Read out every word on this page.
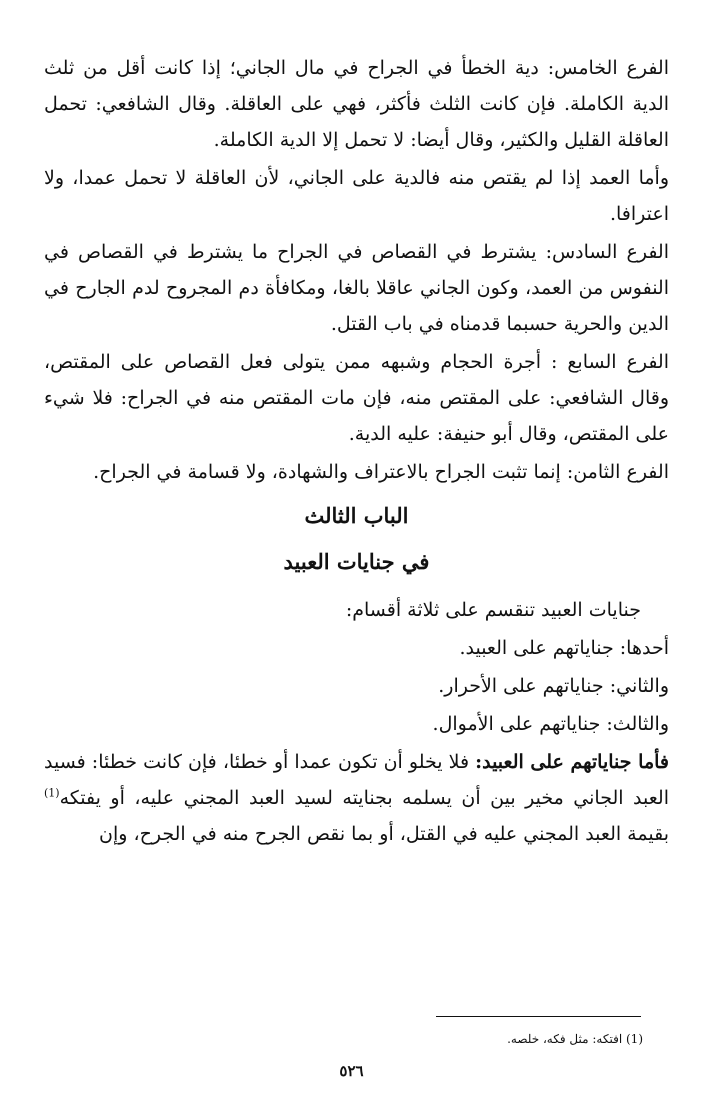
الفرع الخامس: دية الخطأ في الجراح في مال الجاني؛ إذا كانت أقل من ثلث الدية الكاملة. فإن كانت الثلث فأكثر، فهي على العاقلة. وقال الشافعي: تحمل العاقلة القليل والكثير، وقال أيضا: لا تحمل إلا الدية الكاملة.

وأما العمد إذا لم يقتص منه فالدية على الجاني، لأن العاقلة لا تحمل عمدا، ولا اعترافا.

الفرع السادس: يشترط في القصاص في الجراح ما يشترط في القصاص في النفوس من العمد، وكون الجاني عاقلا بالغا، ومكافأة دم المجروح لدم الجارح في الدين والحرية حسبما قدمناه في باب القتل.

الفرع السابع : أجرة الحجام وشبهه ممن يتولى فعل القصاص على المقتص، وقال الشافعي: على المقتص منه، فإن مات المقتص منه في الجراح: فلا شيء على المقتص، وقال أبو حنيفة: عليه الدية.

الفرع الثامن: إنما تثبت الجراح بالاعتراف والشهادة، ولا قسامة في الجراح.

الباب الثالث
في جنايات العبيد

جنايات العبيد تنقسم على ثلاثة أقسام:

أحدها: جناياتهم على العبيد.

والثاني: جناياتهم على الأحرار.

والثالث: جناياتهم على الأموال.

فأما جناياتهم على العبيد: فلا يخلو أن تكون عمدا أو خطئا، فإن كانت خطئا: فسيد العبد الجاني مخير بين أن يسلمه بجنايته لسيد العبد المجني عليه، أو يفتكه$^{(1)}$ بقيمة العبد المجني عليه في القتل، أو بما نقص الجرح منه في الجرح، وإن

(1) افتكه: مثل فكه، خلصه.
٥٢٦
